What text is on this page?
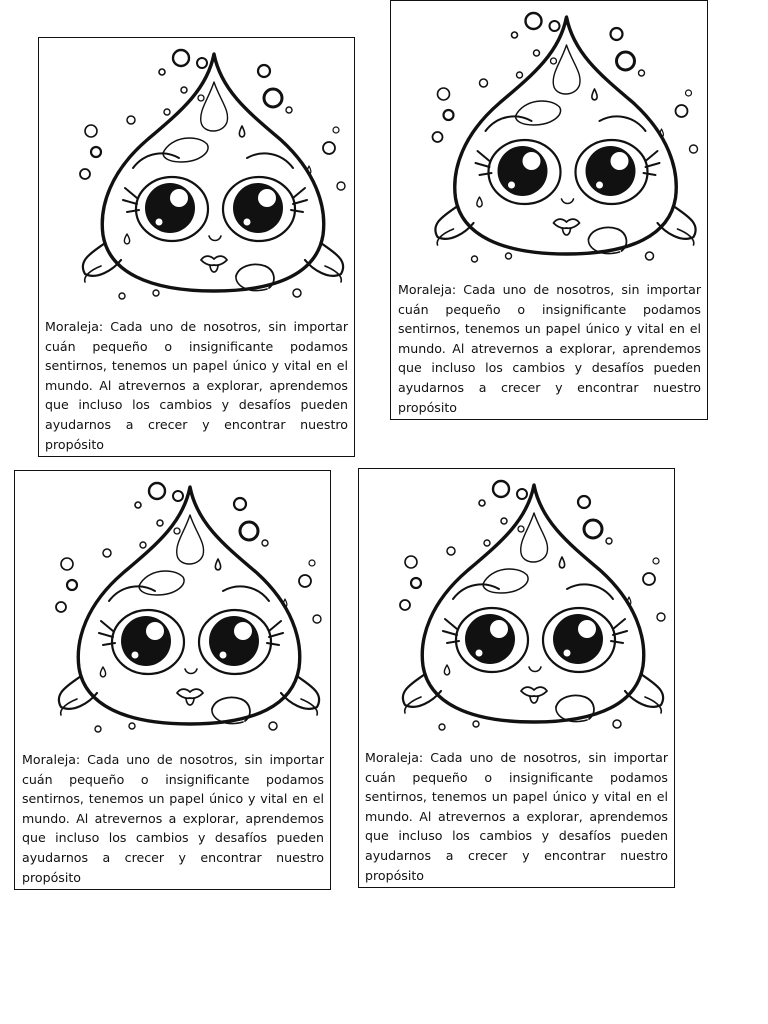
Moraleja: Cada uno de nosotros, sin importar cuán pequeño o insignificante podamos sentirnos, tenemos un papel único y vital en el mundo. Al atrevernos a explorar, aprendemos que incluso los cambios y desafíos pueden ayudarnos a crecer y encontrar nuestro propósito

Moraleja: Cada uno de nosotros, sin importar cuán pequeño o insignificante podamos sentirnos, tenemos un papel único y vital en el mundo. Al atrevernos a explorar, aprendemos que incluso los cambios y desafíos pueden ayudarnos a crecer y encontrar nuestro propósito

Moraleja: Cada uno de nosotros, sin importar cuán pequeño o insignificante podamos sentirnos, tenemos un papel único y vital en el mundo. Al atrevernos a explorar, aprendemos que incluso los cambios y desafíos pueden ayudarnos a crecer y encontrar nuestro propósito

Moraleja: Cada uno de nosotros, sin importar cuán pequeño o insignificante podamos sentirnos, tenemos un papel único y vital en el mundo. Al atrevernos a explorar, aprendemos que incluso los cambios y desafíos pueden ayudarnos a crecer y encontrar nuestro propósito
